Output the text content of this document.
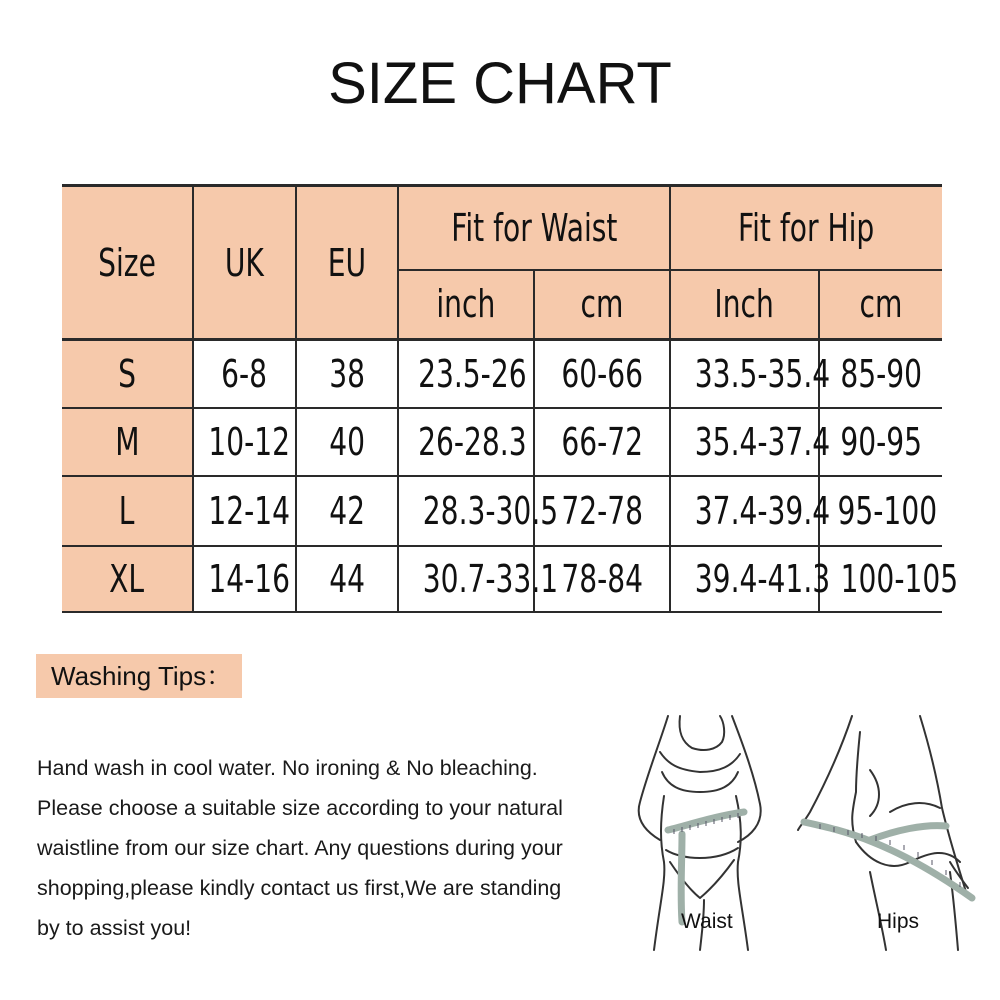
SIZE CHART
Size	UK	EU	Fit for Waist		Fit for Hip	
			inch	cm	Inch	cm
S	6-8	38	23.5-26	60-66	33.5-35.4	85-90
M	10-12	40	26-28.3	66-72	35.4-37.4	90-95
L	12-14	42	28.3-30.5	72-78	37.4-39.4	95-100
XL	14-16	44	30.7-33.1	78-84	39.4-41.3	100-105
Washing Tips：

Hand wash in cool water. No ironing & No bleaching.

Please choose a suitable size according to your natural

waistline from our size chart. Any questions during your

shopping,please kindly contact us first,We are standing

by to assist you!	Waist	Hips
